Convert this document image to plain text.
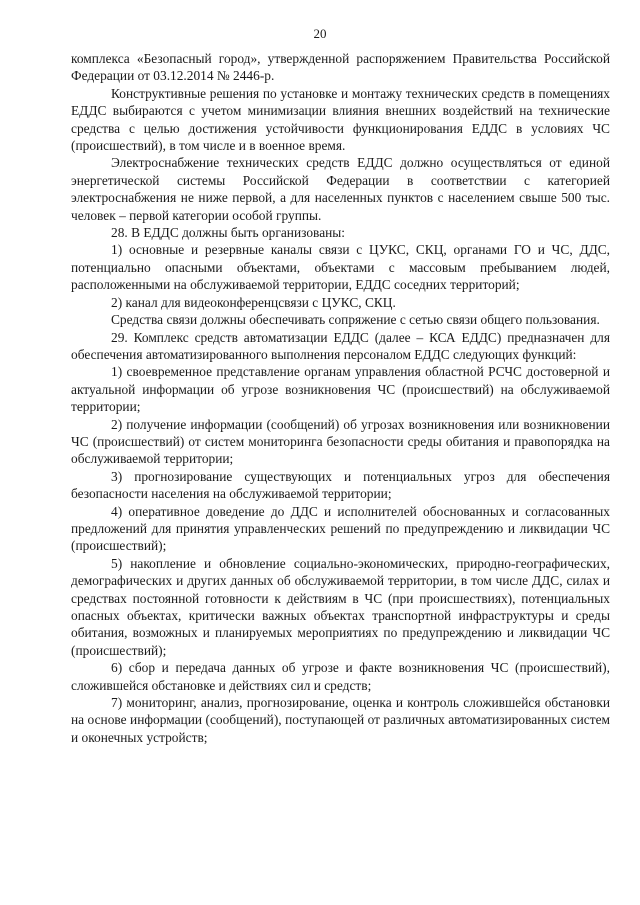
20

комплекса «Безопасный город», утвержденной распоряжением Правительства Российской Федерации от 03.12.2014 № 2446-р.

Конструктивные решения по установке и монтажу технических средств в помещениях ЕДДС выбираются с учетом минимизации влияния внешних воздействий на технические средства с целью достижения устойчивости функционирования ЕДДС в условиях ЧС (происшествий), в том числе и в военное время.

Электроснабжение технических средств ЕДДС должно осуществляться от единой энергетической системы Российской Федерации в соответствии с категорией электроснабжения не ниже первой, а для населенных пунктов с населением свыше 500 тыс. человек – первой категории особой группы.

28. В ЕДДС должны быть организованы:

1) основные и резервные каналы связи с ЦУКС, СКЦ, органами ГО и ЧС, ДДС, потенциально опасными объектами, объектами с массовым пребыванием людей, расположенными на обслуживаемой территории, ЕДДС соседних территорий;

2) канал для видеоконференцсвязи с ЦУКС, СКЦ.

Средства связи должны обеспечивать сопряжение с сетью связи общего пользования.

29. Комплекс средств автоматизации ЕДДС (далее – КСА ЕДДС) предназначен для обеспечения автоматизированного выполнения персоналом ЕДДС следующих функций:

1) своевременное представление органам управления областной РСЧС достоверной и актуальной информации об угрозе возникновения ЧС (происшествий) на обслуживаемой территории;

2) получение информации (сообщений) об угрозах возникновения или возникновении ЧС (происшествий) от систем мониторинга безопасности среды обитания и правопорядка на обслуживаемой территории;

3) прогнозирование существующих и потенциальных угроз для обеспечения безопасности населения на обслуживаемой территории;

4) оперативное доведение до ДДС и исполнителей обоснованных и согласованных предложений для принятия управленческих решений по предупреждению и ликвидации ЧС (происшествий);

5) накопление и обновление социально-экономических, природно-географических, демографических и других данных об обслуживаемой территории, в том числе ДДС, силах и средствах постоянной готовности к действиям в ЧС (при происшествиях), потенциальных опасных объектах, критически важных объектах транспортной инфраструктуры и среды обитания, возможных и планируемых мероприятиях по предупреждению и ликвидации ЧС (происшествий);

6) сбор и передача данных об угрозе и факте возникновения ЧС (происшествий), сложившейся обстановке и действиях сил и средств;

7) мониторинг, анализ, прогнозирование, оценка и контроль сложившейся обстановки на основе информации (сообщений), поступающей от различных автоматизированных систем и оконечных устройств;
